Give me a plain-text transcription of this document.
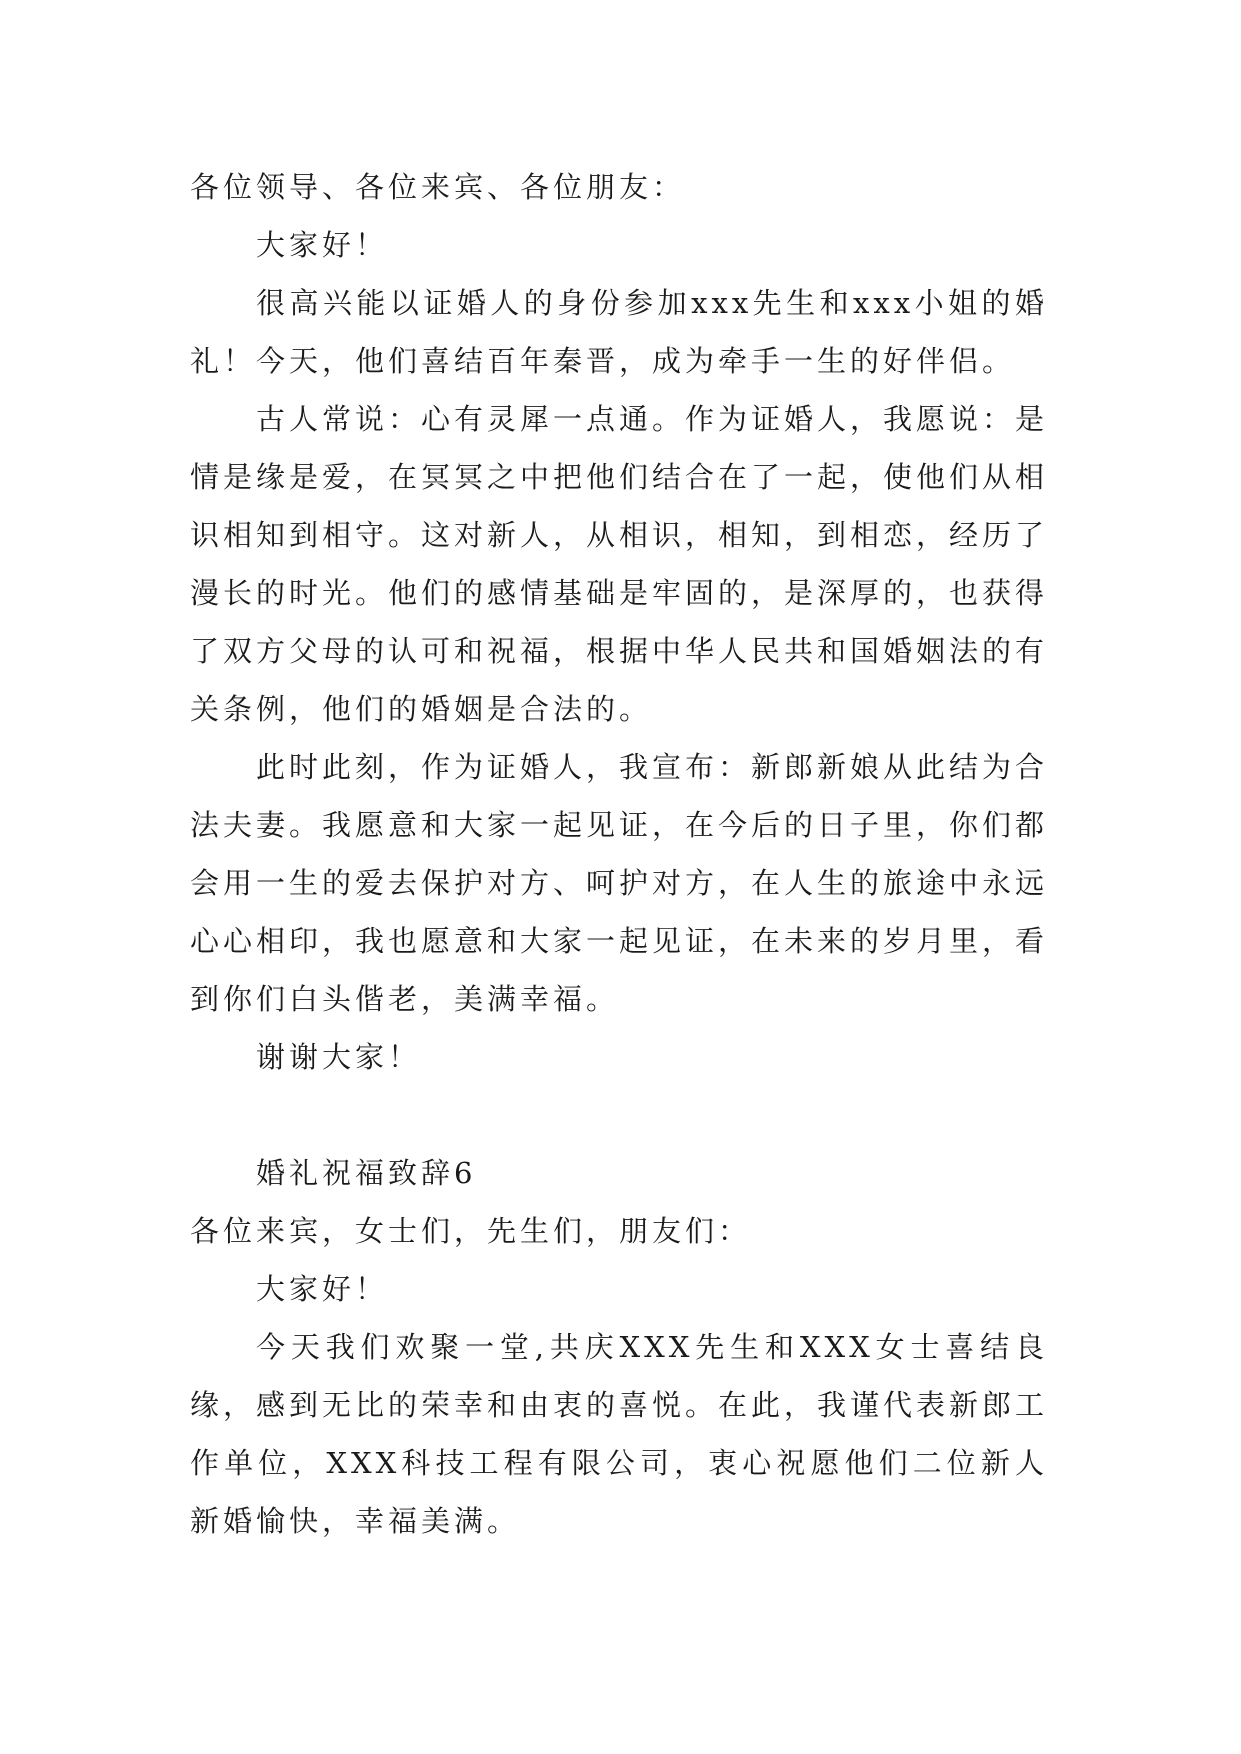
各位领导、各位来宾、各位朋友：

大家好！

很高兴能以证婚人的身份参加xxx先生和xxx小姐的婚礼！今天，他们喜结百年秦晋，成为牵手一生的好伴侣。

古人常说：心有灵犀一点通。作为证婚人，我愿说：是情是缘是爱，在冥冥之中把他们结合在了一起，使他们从相识相知到相守。这对新人，从相识，相知，到相恋，经历了漫长的时光。他们的感情基础是牢固的，是深厚的，也获得了双方父母的认可和祝福，根据中华人民共和国婚姻法的有关条例，他们的婚姻是合法的。

此时此刻，作为证婚人，我宣布：新郎新娘从此结为合法夫妻。我愿意和大家一起见证，在今后的日子里，你们都会用一生的爱去保护对方、呵护对方，在人生的旅途中永远心心相印，我也愿意和大家一起见证，在未来的岁月里，看到你们白头偕老，美满幸福。

谢谢大家！

婚礼祝福致辞6

各位来宾，女士们，先生们，朋友们：

大家好！

今天我们欢聚一堂,共庆XXX先生和XXX女士喜结良缘，感到无比的荣幸和由衷的喜悦。在此，我谨代表新郎工作单位，XXX科技工程有限公司，衷心祝愿他们二位新人新婚愉快，幸福美满。
